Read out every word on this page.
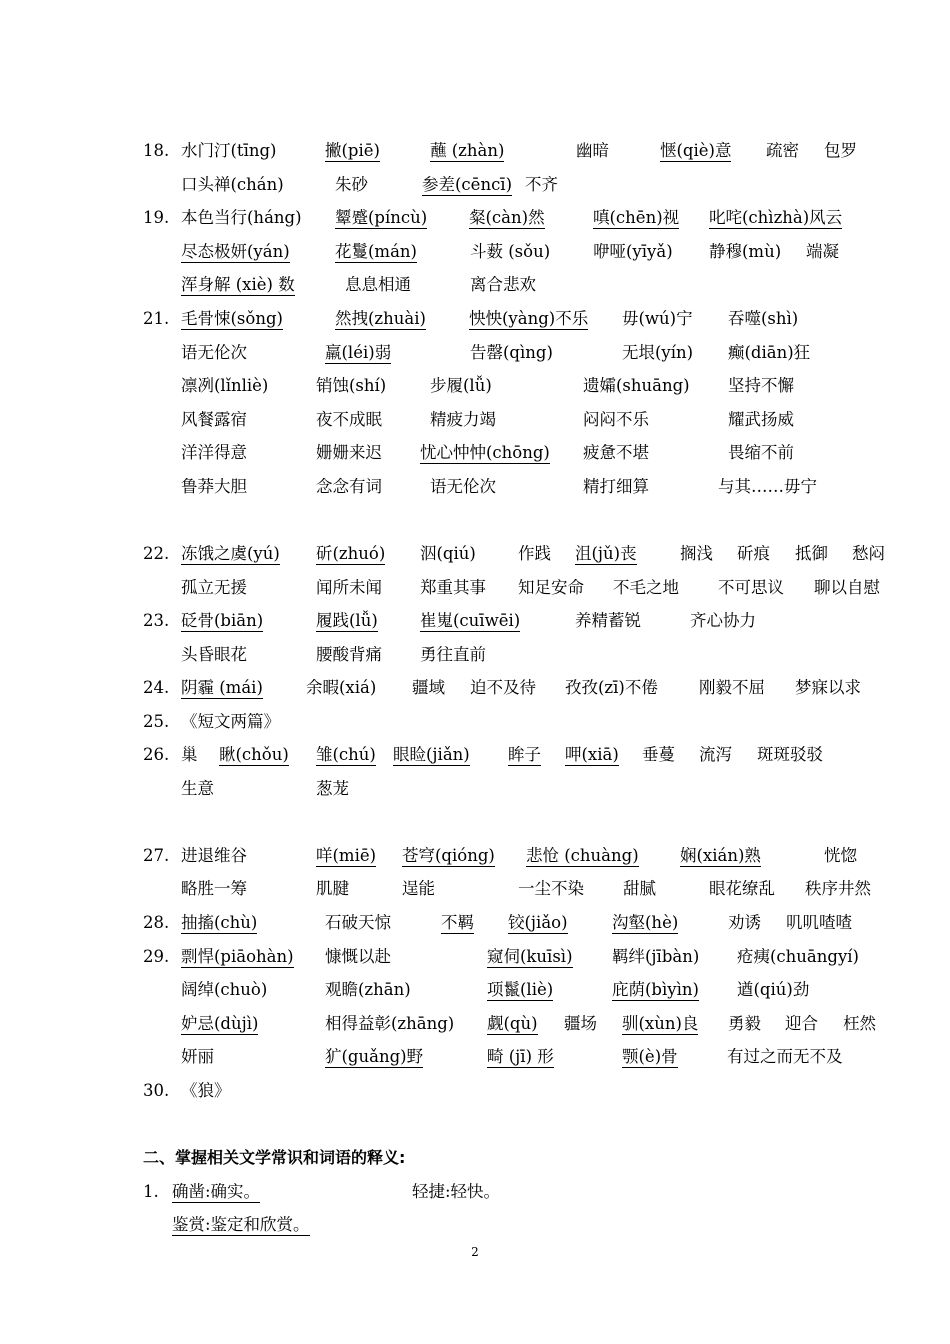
18. 水门汀(tīng)	撇(piē)	蘸 (zhàn)	幽暗	惬(qiè)意 疏密 包罗
口头禅(chán)	朱砂	参差(cēncī) 不齐
19. 本色当行(háng) 颦蹙(píncù)	粲(càn)然	嗔(chēn)视 叱咤(chìzhà)风云
尽态极妍(yán)	花鬘(mán)	斗薮 (sǒu)	咿哑(yīyǎ) 静穆(mù) 端凝
浑身解 (xiè) 数	息息相通	离合悲欢
21. 毛骨悚(sǒng)	然拽(zhuài)	怏怏(yàng)不乐 毋(wú)宁 吞噬(shì)
语无伦次	羸(léi)弱	告罄(qìng)	无垠(yín) 癫(diān)狂
凛冽(lǐnliè)	销蚀(shí)	步履(lǚ)	遗孀(shuāng) 坚持不懈
风餐露宿	夜不成眠	精疲力竭	闷闷不乐	耀武扬威
洋洋得意	姗姗来迟 忧心忡忡(chōng) 疲惫不堪	畏缩不前
鲁莽大胆	念念有词	语无伦次	精打细算	与其……毋宁
22. 冻饿之虞(yú) 斫(zhuó) 泅(qiú)	作践 沮(jǔ)丧	搁浅 斫痕 抵御 愁闷
孤立无援	闻所未闻 郑重其事 知足安命 不毛之地 不可思议 聊以自慰
23. 砭骨(biān)	履践(lǚ)	崔嵬(cuīwēi)	养精蓄锐	齐心协力
头昏眼花	腰酸背痛 勇往直前
24. 阴霾 (mái)	余暇(xiá) 疆域 迫不及待 孜孜(zī)不倦 刚毅不屈 梦寐以求
25. 《短文两篇》
26. 巢 瞅(chǒu) 雏(chú) 眼睑(jiǎn) 眸子 呷(xiā) 垂蔓 流泻 斑斑驳驳
生意	葱茏
27. 进退维谷	咩(miē) 苍穹(qióng) 悲怆 (chuàng)	娴(xián)熟	恍惚
略胜一筹	肌腱	逞能	一尘不染 甜腻	眼花缭乱 秩序井然
28. 抽搐(chù)	石破天惊	不羁 铰(jiǎo)	沟壑(hè)	劝诱 叽叽喳喳
29. 剽悍(piāohàn) 慷慨以赴	窥伺(kuīsì) 羁绊(jībàn) 疮痍(chuāngyí)
阔绰(chuò)	观瞻(zhān)	项鬣(liè)	庇荫(bìyìn) 遒(qiú)劲
妒忌(dùjì)	相得益彰(zhāng) 觑(qù) 疆场 驯(xùn)良 勇毅 迎合 枉然
妍丽	犷(guǎng)野	畸 (jī) 形	颚(è)骨	有过之而无不及
30. 《狼》
二、掌握相关文学常识和词语的释义:
1. 确凿:确实。	轻捷:轻快。
鉴赏:鉴定和欣赏。
2
